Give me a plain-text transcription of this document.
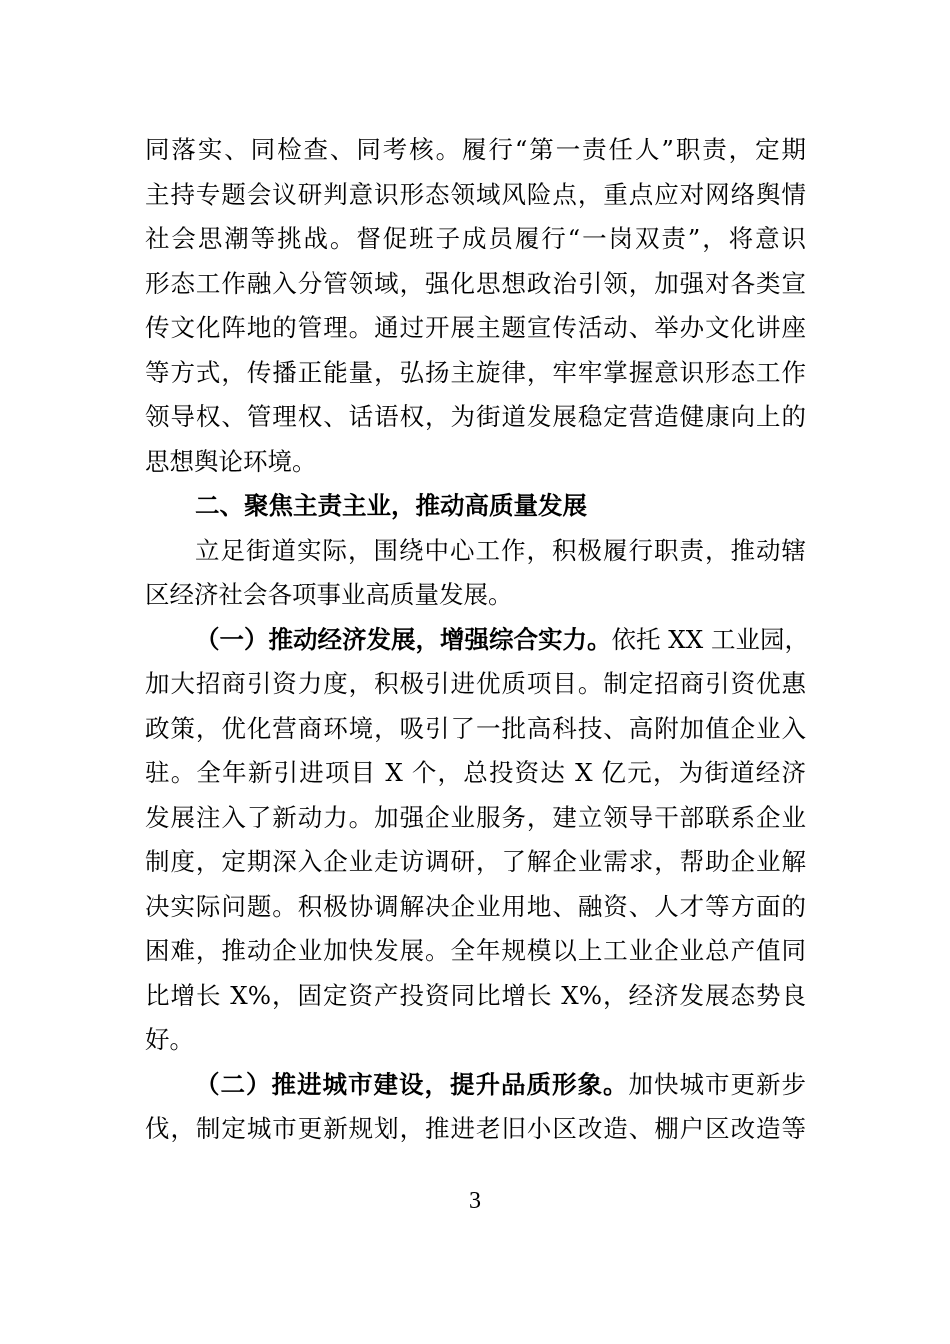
同落实、同检查、同考核。履行“第一责任人”职责，定期
主持专题会议研判意识形态领域风险点，重点应对网络舆情
社会思潮等挑战。督促班子成员履行“一岗双责”，将意识
形态工作融入分管领域，强化思想政治引领，加强对各类宣
传文化阵地的管理。通过开展主题宣传活动、举办文化讲座
等方式，传播正能量，弘扬主旋律，牢牢掌握意识形态工作
领导权、管理权、话语权，为街道发展稳定营造健康向上的
思想舆论环境。
二、聚焦主责主业，推动高质量发展
立足街道实际，围绕中心工作，积极履行职责，推动辖
区经济社会各项事业高质量发展。
（一）推动经济发展，增强综合实力。依托 XX 工业园，
加大招商引资力度，积极引进优质项目。制定招商引资优惠
政策，优化营商环境，吸引了一批高科技、高附加值企业入
驻。全年新引进项目 X 个，总投资达 X 亿元，为街道经济
发展注入了新动力。加强企业服务，建立领导干部联系企业
制度，定期深入企业走访调研，了解企业需求，帮助企业解
决实际问题。积极协调解决企业用地、融资、人才等方面的
困难，推动企业加快发展。全年规模以上工业企业总产值同
比增长 X%，固定资产投资同比增长 X%，经济发展态势良
好。
（二）推进城市建设，提升品质形象。加快城市更新步
伐，制定城市更新规划，推进老旧小区改造、棚户区改造等
3
